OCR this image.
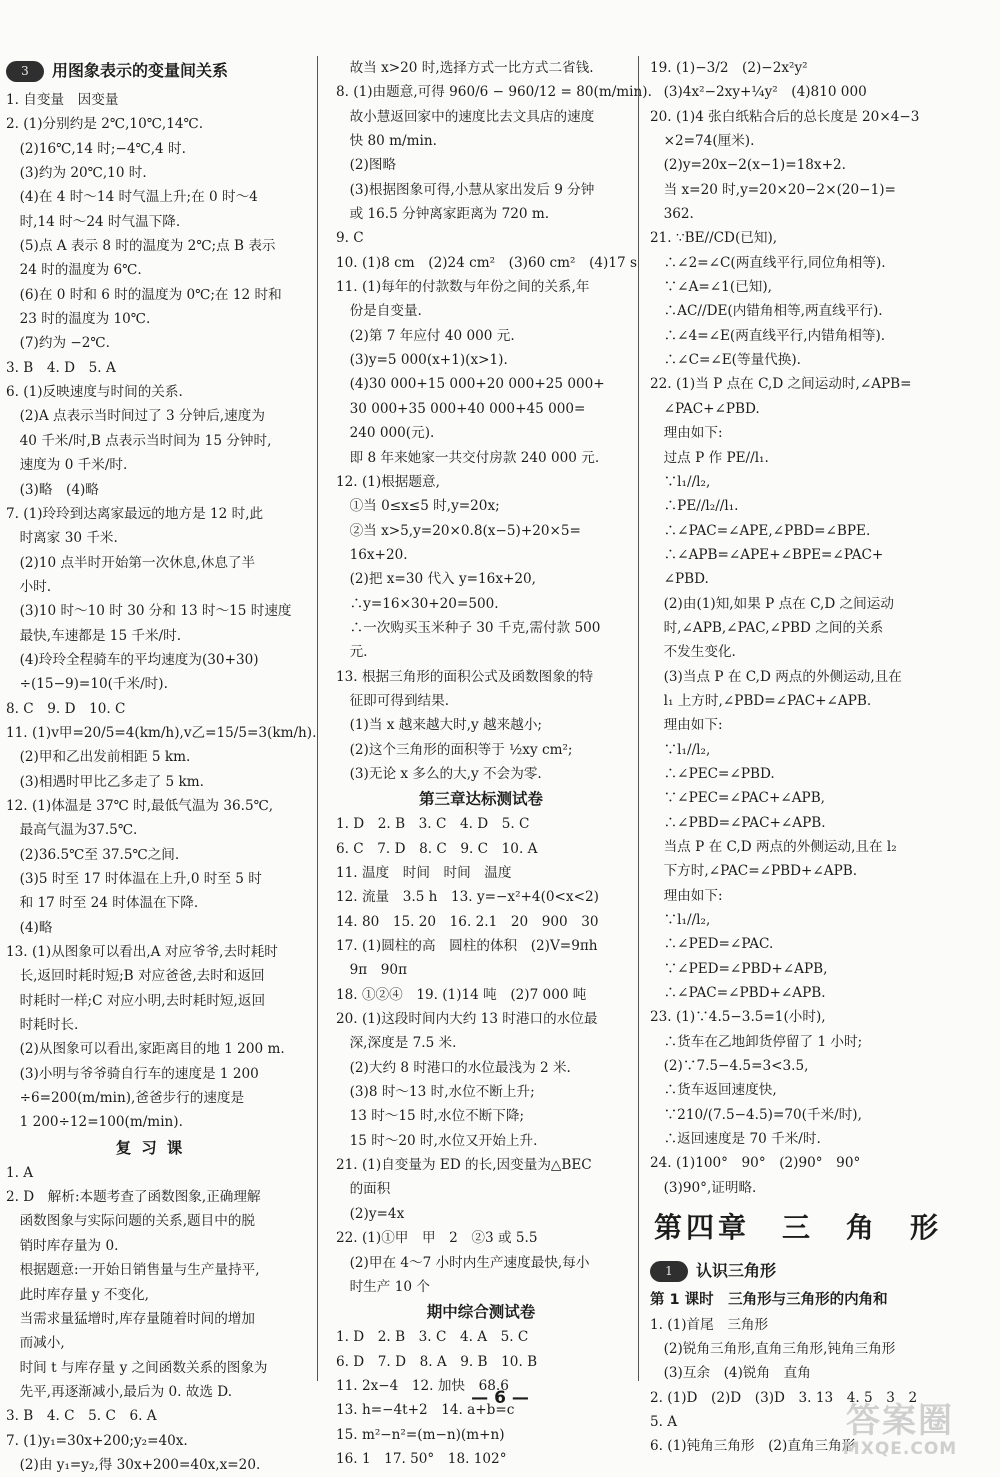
3	用图象表示的变量间关系
1. 自变量　因变量
2. (1)分别约是 2℃,10℃,14℃.
　(2)16℃,14 时;−4℃,4 时.
　(3)约为 20℃,10 时.
　(4)在 4 时～14 时气温上升;在 0 时～4
　时,14 时～24 时气温下降.
　(5)点 A 表示 8 时的温度为 2℃;点 B 表示
　24 时的温度为 6℃.
　(6)在 0 时和 6 时的温度为 0℃;在 12 时和
　23 时的温度为 10℃.
　(7)约为 −2℃.
3. B　4. D　5. A
6. (1)反映速度与时间的关系.
　(2)A 点表示当时间过了 3 分钟后,速度为
　40 千米/时,B 点表示当时间为 15 分钟时,
　速度为 0 千米/时.
　(3)略　(4)略
7. (1)玲玲到达离家最远的地方是 12 时,此
　时离家 30 千米.
　(2)10 点半时开始第一次休息,休息了半
　小时.
　(3)10 时～10 时 30 分和 13 时～15 时速度
　最快,车速都是 15 千米/时.
　(4)玲玲全程骑车的平均速度为(30+30)
　÷(15−9)=10(千米/时).
8. C　9. D　10. C
11. (1)v甲=20/5=4(km/h),v乙=15/5=3(km/h).
　(2)甲和乙出发前相距 5 km.
　(3)相遇时甲比乙多走了 5 km.
12. (1)体温是 37℃ 时,最低气温为 36.5℃,
　最高气温为37.5℃.
　(2)36.5℃至 37.5℃之间.
　(3)5 时至 17 时体温在上升,0 时至 5 时
　和 17 时至 24 时体温在下降.
　(4)略
13. (1)从图象可以看出,A 对应爷爷,去时耗时
　长,返回时耗时短;B 对应爸爸,去时和返回
　时耗时一样;C 对应小明,去时耗时短,返回
　时耗时长.
　(2)从图象可以看出,家距离目的地 1 200 m.
　(3)小明与爷爷骑自行车的速度是 1 200
　÷6=200(m/min),爸爸步行的速度是
　1 200÷12=100(m/min).
复习课
1. A
2. D　解析:本题考查了函数图象,正确理解
　函数图象与实际问题的关系,题目中的脱
　销时库存量为 0.
　根据题意:一开始日销售量与生产量持平,
　此时库存量 y 不变化,
　当需求量猛增时,库存量随着时间的增加
　而减小,
　时间 t 与库存量 y 之间函数关系的图象为
　先平,再逐渐减小,最后为 0. 故选 D.
3. B　4. C　5. C　6. A
7. (1)y₁=30x+200;y₂=40x.
　(2)由 y₁=y₂,得 30x+200=40x,x=20.
　故当 x>20 时,选择方式一比方式二省钱.
8. (1)由题意,可得 960/6 − 960/12 = 80(m/min).
　故小慧返回家中的速度比去文具店的速度
　快 80 m/min.
　(2)图略
　(3)根据图象可得,小慧从家出发后 9 分钟
　或 16.5 分钟离家距离为 720 m.
9. C
10. (1)8 cm　(2)24 cm²　(3)60 cm²　(4)17 s
11. (1)每年的付款数与年份之间的关系,年
　份是自变量.
　(2)第 7 年应付 40 000 元.
　(3)y=5 000(x+1)(x>1).
　(4)30 000+15 000+20 000+25 000+
　30 000+35 000+40 000+45 000=
　240 000(元).
　即 8 年来她家一共交付房款 240 000 元.
12. (1)根据题意,
　①当 0≤x≤5 时,y=20x;
　②当 x>5,y=20×0.8(x−5)+20×5=
　16x+20.
　(2)把 x=30 代入 y=16x+20,
　∴y=16×30+20=500.
　∴一次购买玉米种子 30 千克,需付款 500
　元.
13. 根据三角形的面积公式及函数图象的特
　征即可得到结果.
　(1)当 x 越来越大时,y 越来越小;
　(2)这个三角形的面积等于 ½xy cm²;
　(3)无论 x 多么的大,y 不会为零.
第三章达标测试卷
1. D　2. B　3. C　4. D　5. C
6. C　7. D　8. C　9. C　10. A
11. 温度　时间　时间　温度
12. 流量　3.5 h　13. y=−x²+4(0<x<2)
14. 80　15. 20　16. 2.1　20　900　30
17. (1)圆柱的高　圆柱的体积　(2)V=9πh
　9π　90π
18. ①②④　19. (1)14 吨　(2)7 000 吨
20. (1)这段时间内大约 13 时港口的水位最
　深,深度是 7.5 米.
　(2)大约 8 时港口的水位最浅为 2 米.
　(3)8 时～13 时,水位不断上升;
　13 时～15 时,水位不断下降;
　15 时～20 时,水位又开始上升.
21. (1)自变量为 ED 的长,因变量为△BEC
　的面积
　(2)y=4x
22. (1)①甲　甲　2　②3 或 5.5
　(2)甲在 4～7 小时内生产速度最快,每小
　时生产 10 个
期中综合测试卷
1. D　2. B　3. C　4. A　5. C
6. D　7. D　8. A　9. B　10. B
11. 2x−4　12. 加快　68.6
13. h=−4t+2　14. a+b=c
15. m²−n²=(m−n)(m+n)
16. 1　17. 50°　18. 102°
19. (1)−3/2　(2)−2x²y²
　(3)4x²−2xy+¼y²　(4)810 000
20. (1)4 张白纸粘合后的总长度是 20×4−3
　×2=74(厘米).
　(2)y=20x−2(x−1)=18x+2.
　当 x=20 时,y=20×20−2×(20−1)=
　362.
21. ∵BE//CD(已知),
　∴∠2=∠C(两直线平行,同位角相等).
　∵∠A=∠1(已知),
　∴AC//DE(内错角相等,两直线平行).
　∴∠4=∠E(两直线平行,内错角相等).
　∴∠C=∠E(等量代换).
22. (1)当 P 点在 C,D 之间运动时,∠APB=
　∠PAC+∠PBD.
　理由如下:
　过点 P 作 PE//l₁.
　∵l₁//l₂,
　∴PE//l₂//l₁.
　∴∠PAC=∠APE,∠PBD=∠BPE.
　∴∠APB=∠APE+∠BPE=∠PAC+
　∠PBD.
　(2)由(1)知,如果 P 点在 C,D 之间运动
　时,∠APB,∠PAC,∠PBD 之间的关系
　不发生变化.
　(3)当点 P 在 C,D 两点的外侧运动,且在
　l₁ 上方时,∠PBD=∠PAC+∠APB.
　理由如下:
　∵l₁//l₂,
　∴∠PEC=∠PBD.
　∵∠PEC=∠PAC+∠APB,
　∴∠PBD=∠PAC+∠APB.
　当点 P 在 C,D 两点的外侧运动,且在 l₂
　下方时,∠PAC=∠PBD+∠APB.
　理由如下:
　∵l₁//l₂,
　∴∠PED=∠PAC.
　∵∠PED=∠PBD+∠APB,
　∴∠PAC=∠PBD+∠APB.
23. (1)∵4.5−3.5=1(小时),
　∴货车在乙地卸货停留了 1 小时;
　(2)∵7.5−4.5=3<3.5,
　∴货车返回速度快,
　∵210/(7.5−4.5)=70(千米/时),
　∴返回速度是 70 千米/时.
24. (1)100°　90°　(2)90°　90°
　(3)90°,证明略.
第四章　三　角　形
1	认识三角形
第 1 课时　三角形与三角形的内角和
1. (1)首尾　三角形
　(2)锐角三角形,直角三角形,钝角三角形
　(3)互余　(4)锐角　直角
2. (1)D　(2)D　(3)D　3. 13　4. 5　3　2
5. A
6. (1)钝角三角形　(2)直角三角形
— 6 —
答案圈
MXQE.COM
